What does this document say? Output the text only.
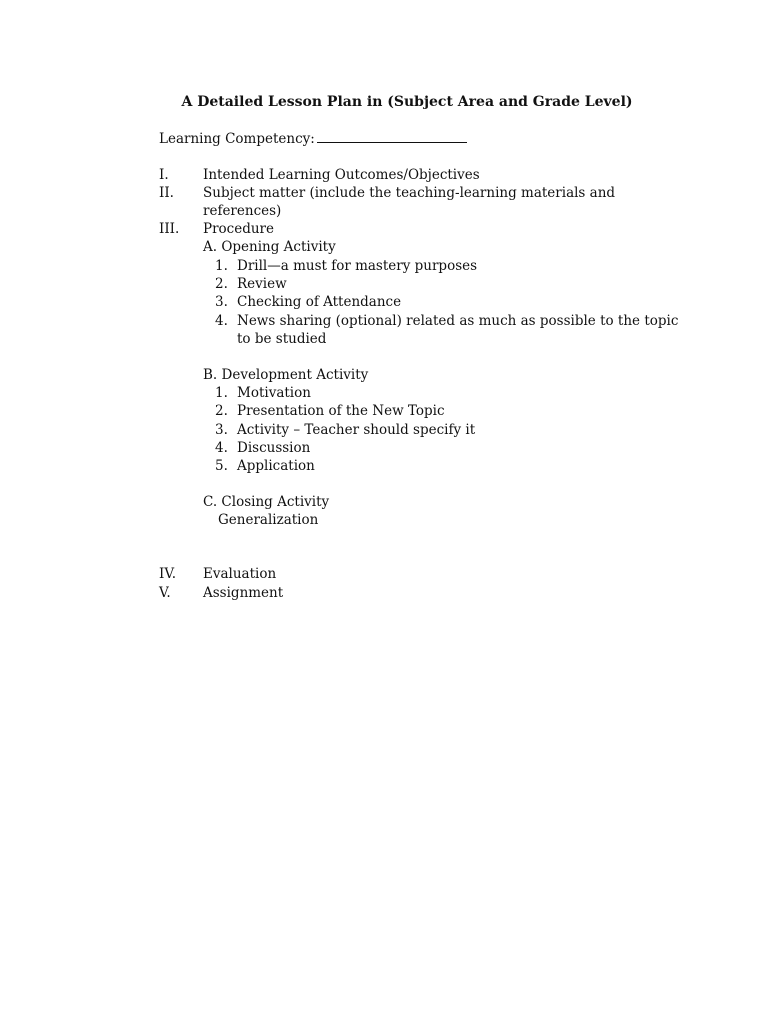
A Detailed Lesson Plan in (Subject Area and Grade Level)
Learning Competency:
I.	Intended Learning Outcomes/Objectives
II. Subject matter (include the teaching-learning materials and
references)
III. Procedure
A. Opening Activity
1. Drill—a must for mastery purposes
2. Review
3. Checking of Attendance
4. News sharing (optional) related as much as possible to the topic
to be studied
B. Development Activity
1. Motivation
2. Presentation of the New Topic
3. Activity – Teacher should specify it
4. Discussion
5. Application
C. Closing Activity
Generalization
IV. Evaluation
V. Assignment
